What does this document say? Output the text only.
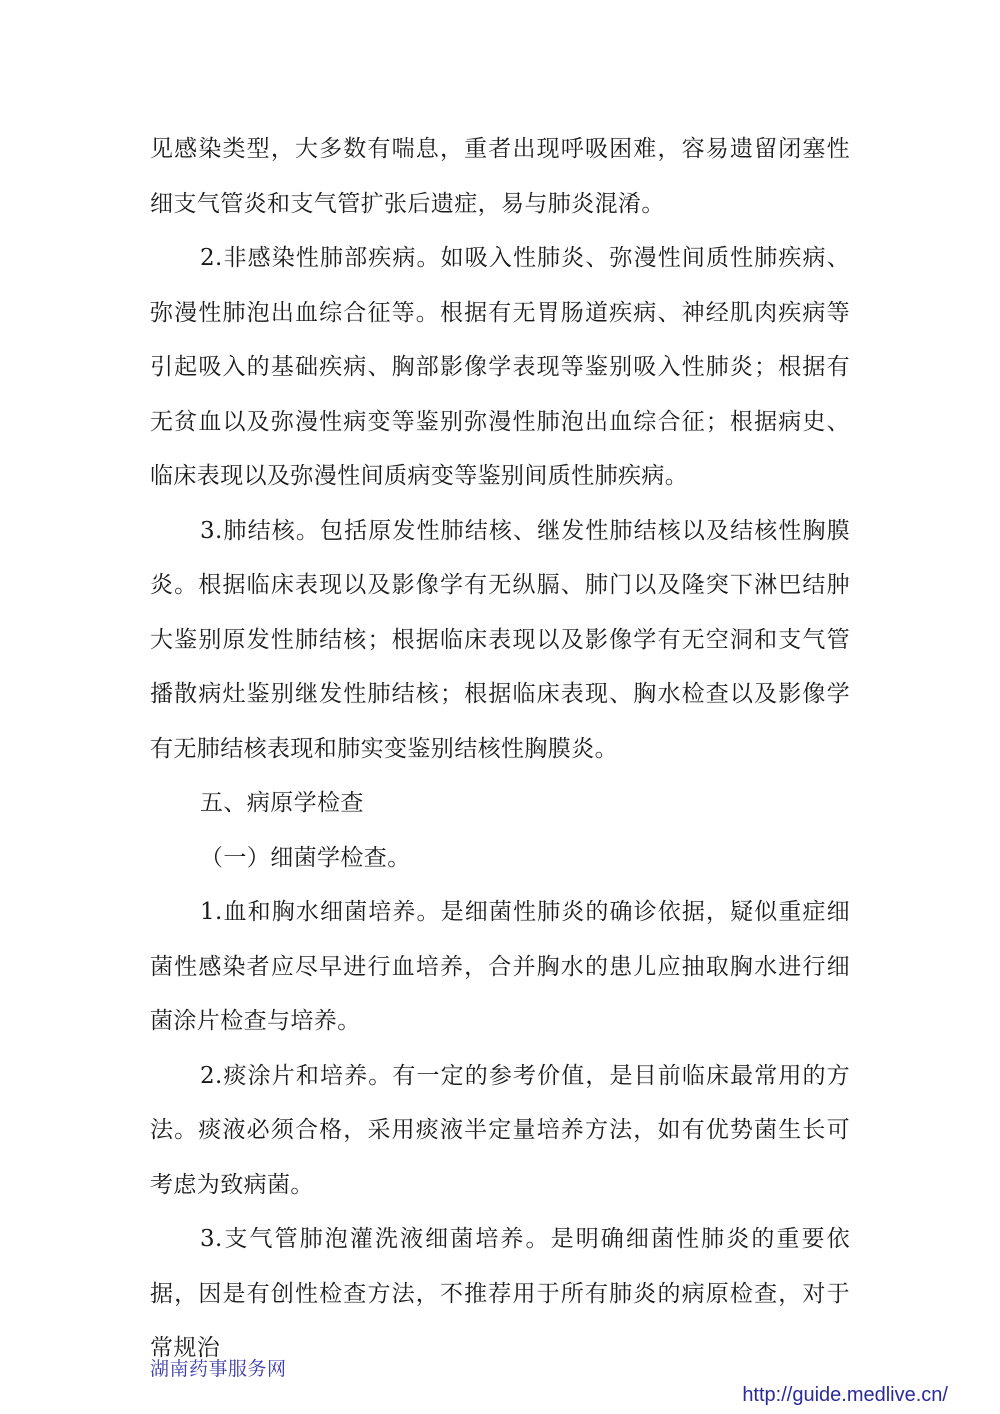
见感染类型，大多数有喘息，重者出现呼吸困难，容易遗留闭塞性细支气管炎和支气管扩张后遗症，易与肺炎混淆。

2.非感染性肺部疾病。如吸入性肺炎、弥漫性间质性肺疾病、弥漫性肺泡出血综合征等。根据有无胃肠道疾病、神经肌肉疾病等引起吸入的基础疾病、胸部影像学表现等鉴别吸入性肺炎；根据有无贫血以及弥漫性病变等鉴别弥漫性肺泡出血综合征；根据病史、临床表现以及弥漫性间质病变等鉴别间质性肺疾病。

3.肺结核。包括原发性肺结核、继发性肺结核以及结核性胸膜炎。根据临床表现以及影像学有无纵膈、肺门以及隆突下淋巴结肿大鉴别原发性肺结核；根据临床表现以及影像学有无空洞和支气管播散病灶鉴别继发性肺结核；根据临床表现、胸水检查以及影像学有无肺结核表现和肺实变鉴别结核性胸膜炎。

五、病原学检查

（一）细菌学检查。

1.血和胸水细菌培养。是细菌性肺炎的确诊依据，疑似重症细菌性感染者应尽早进行血培养，合并胸水的患儿应抽取胸水进行细菌涂片检查与培养。

2.痰涂片和培养。有一定的参考价值，是目前临床最常用的方法。痰液必须合格，采用痰液半定量培养方法，如有优势菌生长可考虑为致病菌。

3.支气管肺泡灌洗液细菌培养。是明确细菌性肺炎的重要依据，因是有创性检查方法，不推荐用于所有肺炎的病原检查，对于常规治

湖南药事服务网
http://guide.medlive.cn/
